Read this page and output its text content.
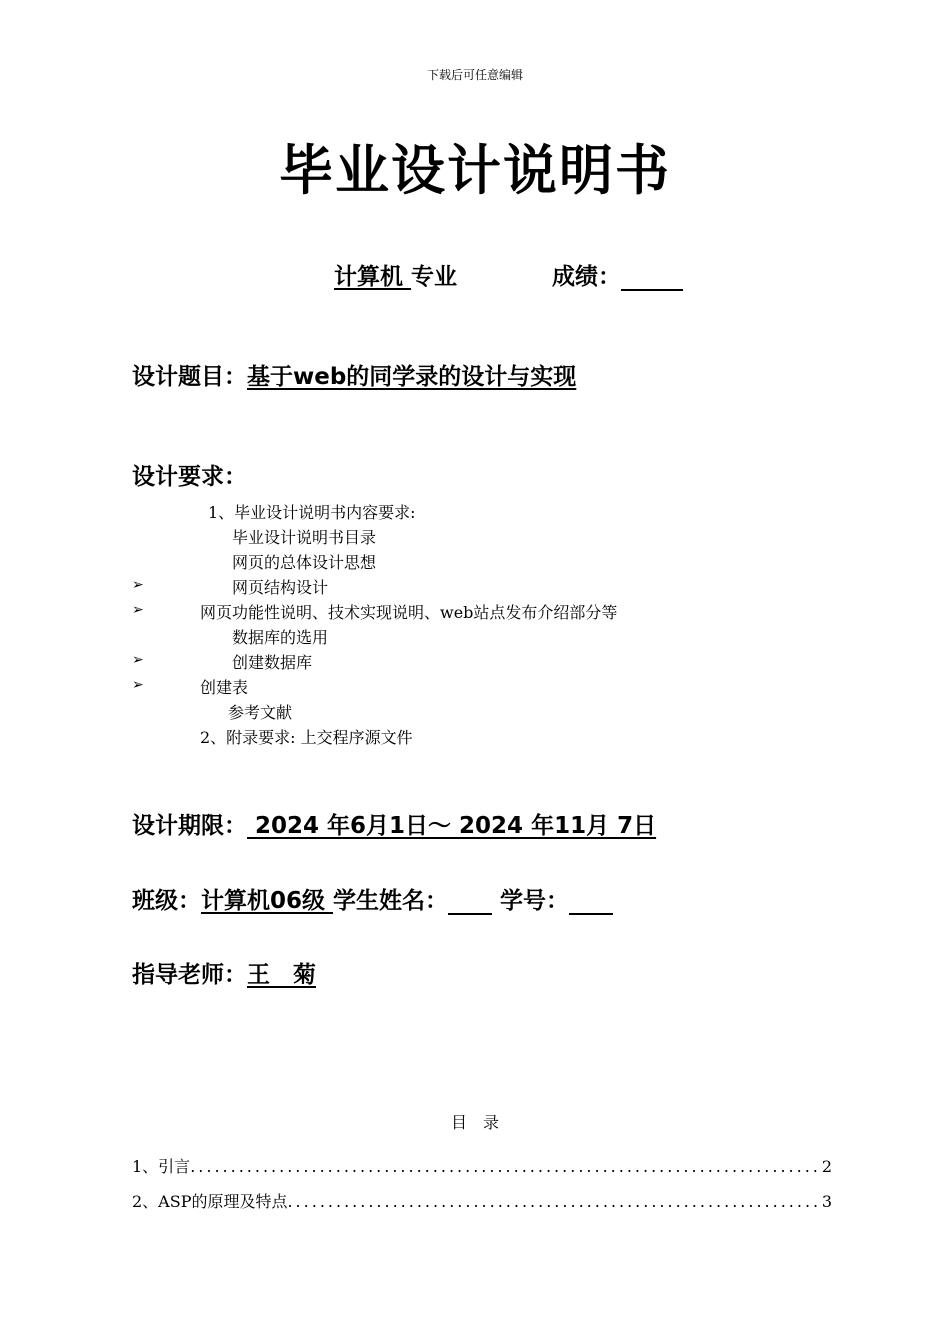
下载后可任意编辑
毕业设计说明书
计算机 专业	成绩：
设计题目：基于web的同学录的设计与实现
设计要求：
1、毕业设计说明书内容要求:
毕业设计说明书目录
网页的总体设计思想
➢	网页结构设计
➢	网页功能性说明、技术实现说明、web站点发布介绍部分等
数据库的选用
➢	创建数据库
➢	创建表
参考文献
2、附录要求: 上交程序源文件
设计期限： 2024 年6月1日～ 2024 年11月 7日
班级：计算机06级 学生姓名： 学号：
指导老师：王　菊
目　录
1、引言 .....	2
2、ASP的原理及特点 .....	3
